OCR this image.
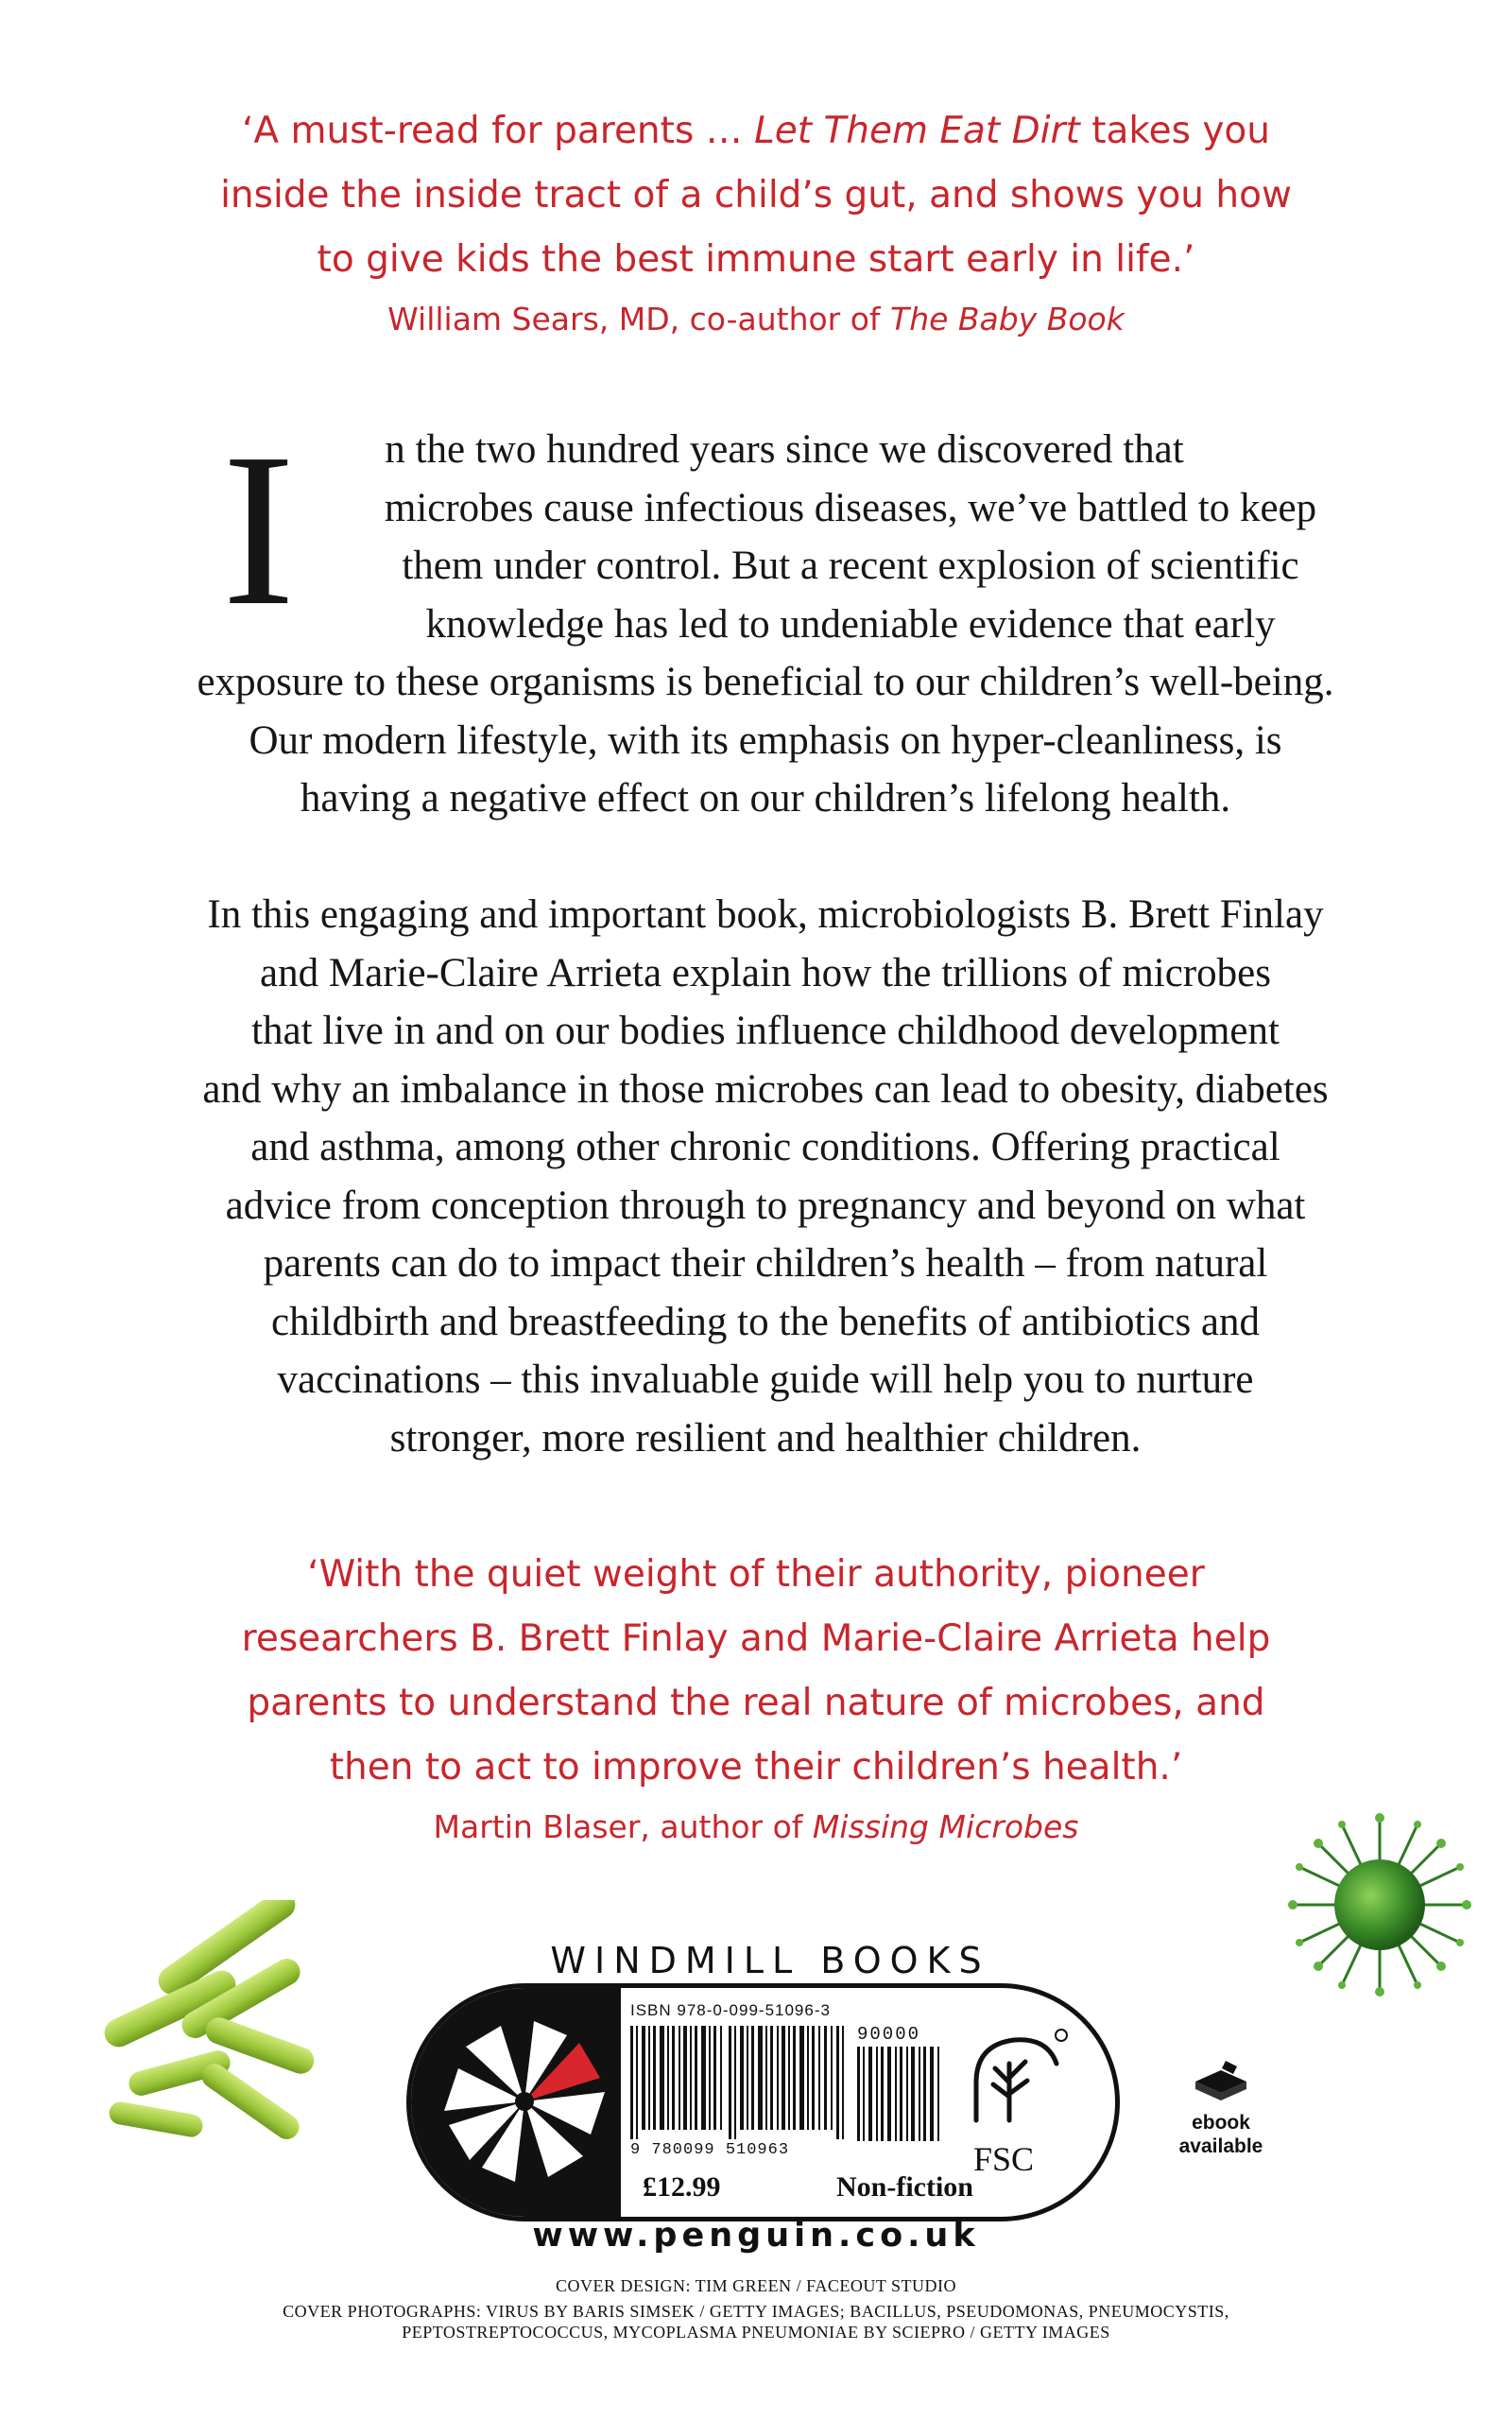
‘A must-read for parents … Let Them Eat Dirt takes you
inside the inside tract of a child’s gut, and shows you how
to give kids the best immune start early in life.’
William Sears, MD, co-author of The Baby Book
I	n the two hundred years since we discovered that
microbes cause infectious diseases, we’ve battled to keep
them under control. But a recent explosion of scientific
knowledge has led to undeniable evidence that early
exposure to these organisms is beneficial to our children’s well-being.
Our modern lifestyle, with its emphasis on hyper-cleanliness, is
having a negative effect on our children’s lifelong health.
In this engaging and important book, microbiologists B. Brett Finlay
and Marie-Claire Arrieta explain how the trillions of microbes
that live in and on our bodies influence childhood development
and why an imbalance in those microbes can lead to obesity, diabetes
and asthma, among other chronic conditions. Offering practical
advice from conception through to pregnancy and beyond on what
parents can do to impact their children’s health – from natural
childbirth and breastfeeding to the benefits of antibiotics and
vaccinations – this invaluable guide will help you to nurture
stronger, more resilient and healthier children.
‘With the quiet weight of their authority, pioneer
researchers B. Brett Finlay and Marie-Claire Arrieta help
parents to understand the real nature of microbes, and
then to act to improve their children’s health.’
Martin Blaser, author of Missing Microbes
WINDMILL BOOKS
ISBN 978-0-099-51096-3
90000
9 780099 510963	FSC
£12.99	Non-fiction
ebook
available
www.penguin.co.uk
COVER DESIGN: TIM GREEN / FACEOUT STUDIO
COVER PHOTOGRAPHS: VIRUS BY BARIS SIMSEK / GETTY IMAGES; BACILLUS, PSEUDOMONAS, PNEUMOCYSTIS,
PEPTOSTREPTOCOCCUS, MYCOPLASMA PNEUMONIAE BY SCIEPRO / GETTY IMAGES
